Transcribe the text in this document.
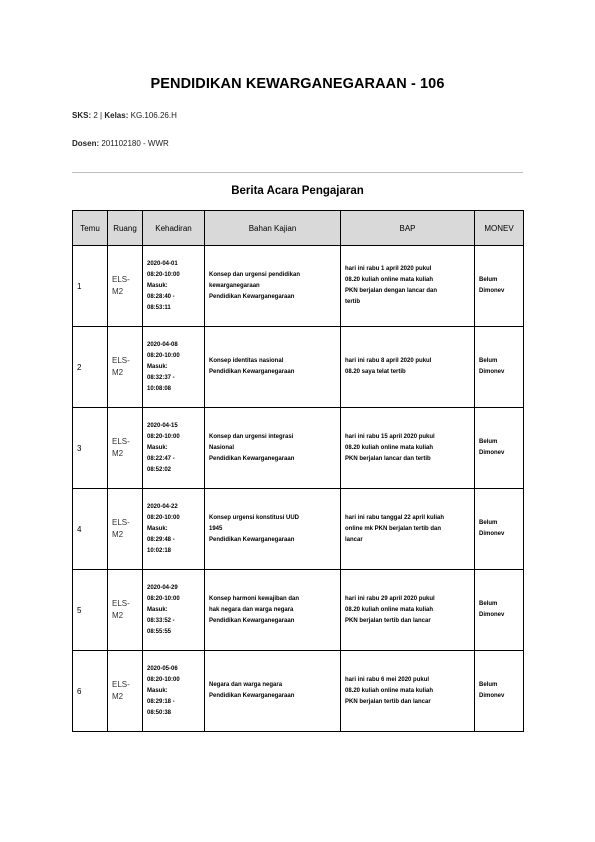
PENDIDIKAN KEWARGANEGARAAN - 106
SKS: 2 | Kelas: KG.106.26.H
Dosen: 201102180 - WWR
Berita Acara Pengajaran
Temu	Ruang	Kehadiran	Bahan Kajian	BAP	MONEV
1	ELS-
M2	2020-04-01
08:20-10:00
Masuk:
08:28:40 -
08:53:11	Konsep dan urgensi pendidikan
kewarganegaraan
Pendidikan Kewarganegaraan	hari ini rabu 1 april 2020 pukul
08.20 kuliah online mata kuliah
PKN berjalan dengan lancar dan
tertib	Belum
Dimonev

2	ELS-
M2	2020-04-08
08:20-10:00
Masuk:
08:32:37 -
10:08:08	Konsep identitas nasional
Pendidikan Kewarganegaraan	hari ini rabu 8 april 2020 pukul
08.20 saya telat tertib	Belum
Dimonev

3	ELS-
M2	2020-04-15
08:20-10:00
Masuk:
08:22:47 -
08:52:02	Konsep dan urgensi integrasi
Nasional
Pendidikan Kewarganegaraan	hari ini rabu 15 april 2020 pukul
08.20 kuliah online mata kuliah
PKN berjalan lancar dan tertib	Belum
Dimonev

4	ELS-
M2	2020-04-22
08:20-10:00
Masuk:
08:29:48 -
10:02:18	Konsep urgensi konstitusi UUD
1945
Pendidikan Kewarganegaraan	hari ini rabu tanggal 22 april kuliah
online mk PKN berjalan tertib dan
lancar	Belum
Dimonev

5	ELS-
M2	2020-04-29
08:20-10:00
Masuk:
08:33:52 -
08:55:55	Konsep harmoni kewajiban dan
hak negara dan warga negara
Pendidikan Kewarganegaraan	hari ini rabu 29 april 2020 pukul
08.20 kuliah online mata kuliah
PKN berjalan tertib dan lancar	Belum
Dimonev

6	ELS-
M2	2020-05-06
08:20-10:00
Masuk:
08:29:18 -
08:50:38	Negara dan warga negara
Pendidikan Kewarganegaraan	hari ini rabu 6 mei 2020 pukul
08.20 kuliah online mata kuliah
PKN berjalan tertib dan lancar	Belum
Dimonev
